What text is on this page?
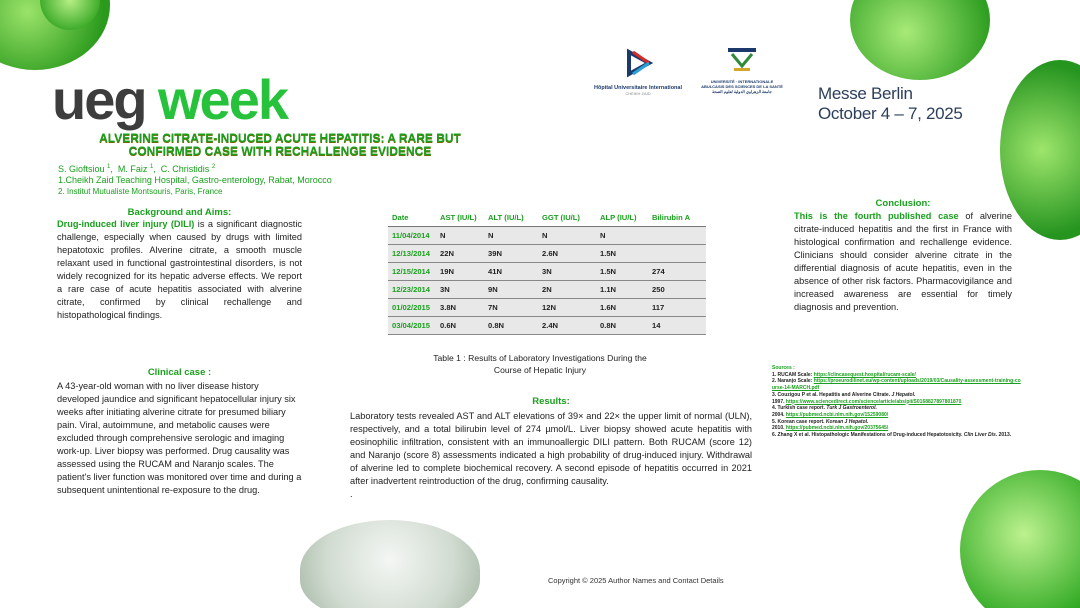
ueg week	Hôpital Universitaire International
CHEIKH ZAID
UNIVERSITÉ · INTERNATIONALE
ABULCASIS DES SCIENCES DE LA SANTÉ
جامعة الزهراوي الدولية لعلوم الصحة	Messe Berlin
October 4 – 7, 2025
ALVERINE CITRATE-INDUCED ACUTE HEPATITIS: A RARE BUT
CONFIRMED CASE WITH RECHALLENGE EVIDENCE
S. Gioftsiou $^1$,  M. Faiz $^1$,  C. Christidis $^2$
1.Cheikh Zaid Teaching Hospital, Gastro-enterology, Rabat, Morocco
2. Institut Mutualiste Montsouris, Paris, France
Background and Aims:
Drug-induced liver injury (DILI) is a significant diagnostic challenge, especially when caused by drugs with limited hepatotoxic profiles. Alverine citrate, a smooth muscle relaxant used in functional gastrointestinal disorders, is not widely recognized for its hepatic adverse effects. We report a rare case of acute hepatitis associated with alverine citrate, confirmed by clinical rechallenge and histopathological findings.
Clinical case :
A 43-year-old woman with no liver disease history developed jaundice and significant hepatocellular injury six weeks after initiating alverine citrate for presumed biliary pain. Viral, autoimmune, and metabolic causes were excluded through comprehensive serologic and imaging work-up. Liver biopsy was performed. Drug causality was assessed using the RUCAM and Naranjo scales. The patient's liver function was monitored over time and during a subsequent unintentional re-exposure to the drug.
Date	AST (IU/L)	ALT (IU/L)	GGT (IU/L)	ALP (IU/L)	Bilirubin A
11/04/2014	N	N	N	N	
12/13/2014	22N	39N	2.6N	1.5N	
12/15/2014	19N	41N	3N	1.5N	274
12/23/2014	3N	9N	2N	1.1N	250
01/02/2015	3.8N	7N	12N	1.6N	117
03/04/2015	0.6N	0.8N	2.4N	0.8N	14
Table 1 : Results of Laboratory Investigations During the
Course of Hepatic Injury
Results:
Laboratory tests revealed AST and ALT elevations of 39× and 22× the upper limit of normal (ULN), respectively, and a total bilirubin level of 274 µmol/L. Liver biopsy showed acute hepatitis with eosinophilic infiltration, consistent with an immunoallergic DILI pattern. Both RUCAM (score 12) and Naranjo (score 8) assessments indicated a high probability of drug-induced injury. Withdrawal of alverine led to complete biochemical recovery. A second episode of hepatitis occurred in 2021 after inadvertent reintroduction of the drug, confirming causality.
.
Conclusion:
This is the fourth published case of alverine citrate-induced hepatitis and the first in France with histological confirmation and rechallenge evidence. Clinicians should consider alverine citrate in the differential diagnosis of acute hepatitis, even in the absence of other risk factors. Pharmacovigilance and increased awareness are essential for timely diagnosis and prevention.
Sources :
1. RUCAM Scale: https://clincasequest.hospital/rucam-scale/
2. Naranjo Scale: https://proeurodilinet.eu/wp-content/uploads/2019/03/Causality-assessment-training-course-14-MARCH.pdf
3. Couzigou P et al. Hepatitis and Alverine Citrate. J Hepatol.
1997. https://www.sciencedirect.com/science/article/abs/pii/S0168827897801870
4. Turkish case report. Turk J Gastroenterol.
2004. https://pubmed.ncbi.nlm.nih.gov/15259080/
5. Korean case report. Korean J Hepatol.
2010. https://pubmed.ncbi.nlm.nih.gov/20375645/
6. Zhang X et al. Histopathologic Manifestations of Drug-induced Hepatotoxicity. Clin Liver Dis. 2013.
Copyright © 2025 Author Names and Contact Details
